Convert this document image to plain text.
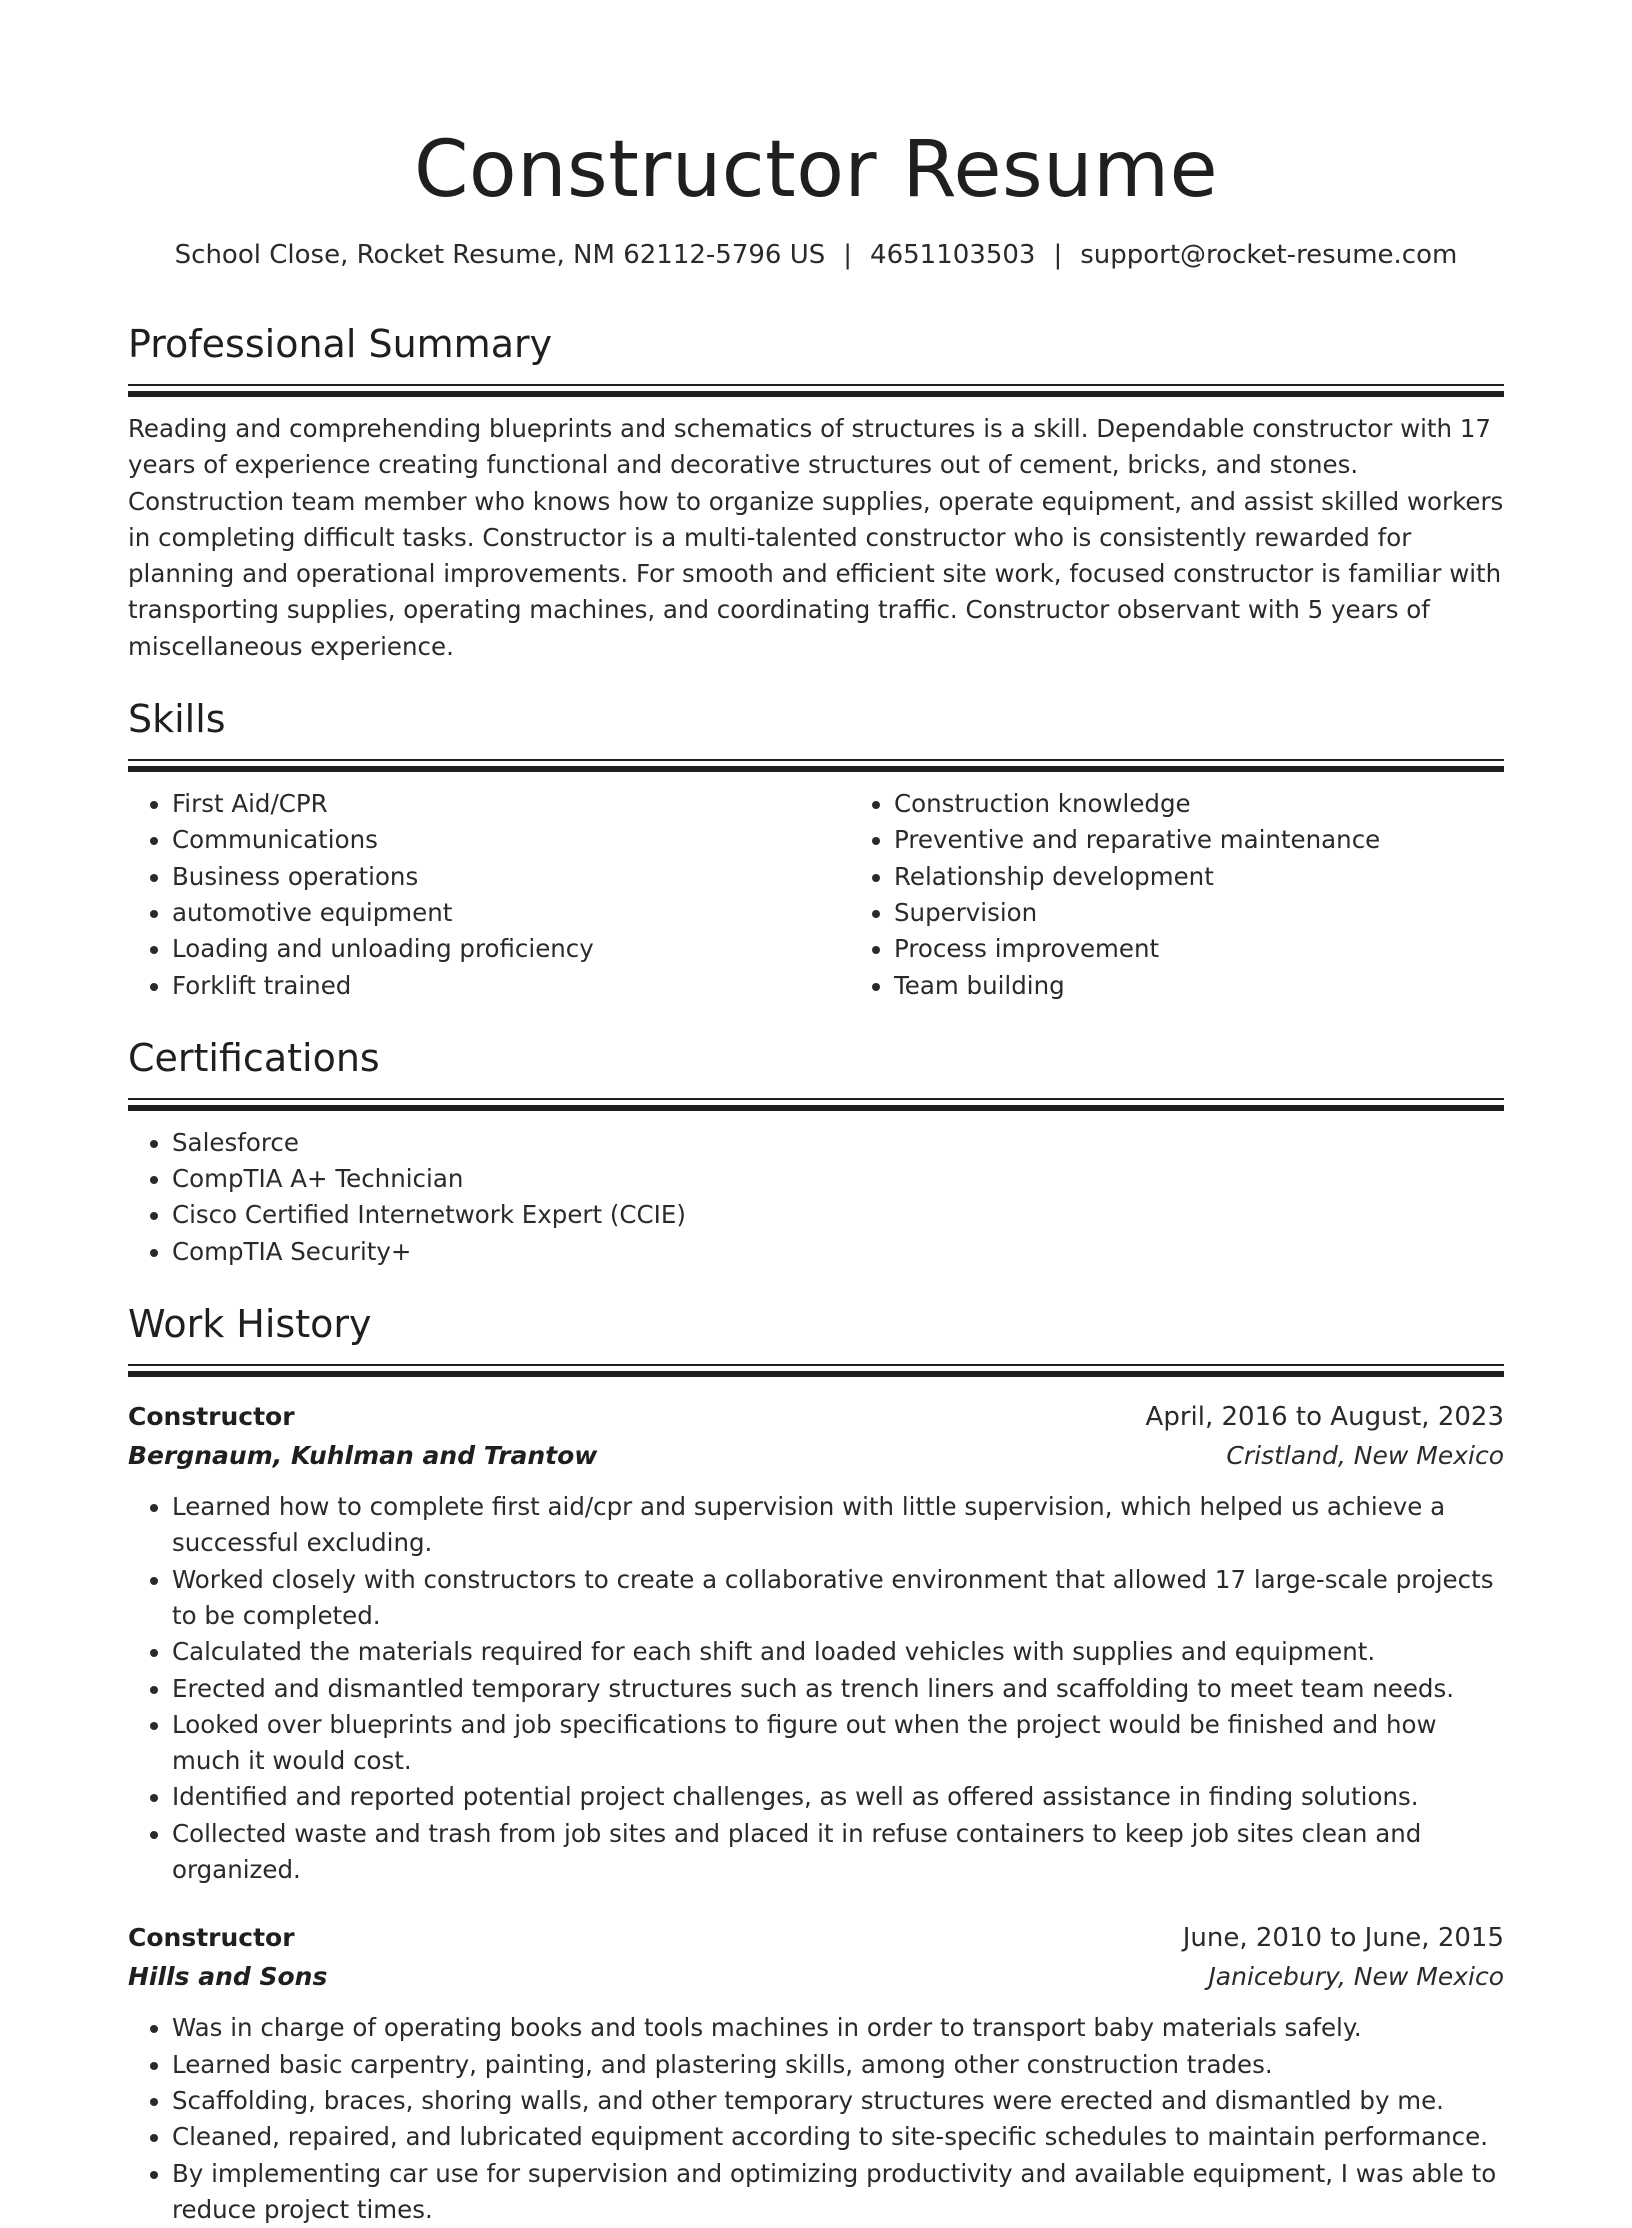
Constructor Resume
School Close, Rocket Resume, NM 62112-5796 US | 4651103503 | support@rocket-resume.com
Professional Summary

Reading and comprehending blueprints and schematics of structures is a skill. Dependable constructor with 17 years of experience creating functional and decorative structures out of cement, bricks, and stones. Construction team member who knows how to organize supplies, operate equipment, and assist skilled workers in completing difficult tasks. Constructor is a multi-talented constructor who is consistently rewarded for planning and operational improvements. For smooth and efficient site work, focused constructor is familiar with transporting supplies, operating machines, and coordinating traffic. Constructor observant with 5 years of miscellaneous experience.

Skills
• First Aid/CPR
• Communications
• Business operations
• automotive equipment
• Loading and unloading proficiency
• Forklift trained
• Construction knowledge
• Preventive and reparative maintenance
• Relationship development
• Supervision
• Process improvement
• Team building
Certifications
• Salesforce
• CompTIA A+ Technician
• Cisco Certified Internetwork Expert (CCIE)
• CompTIA Security+
Work History
Constructor	April, 2016 to August, 2023
Bergnaum, Kuhlman and Trantow	Cristland, New Mexico
• Learned how to complete first aid/cpr and supervision with little supervision, which helped us achieve a successful excluding.
• Worked closely with constructors to create a collaborative environment that allowed 17 large-scale projects to be completed.
• Calculated the materials required for each shift and loaded vehicles with supplies and equipment.
• Erected and dismantled temporary structures such as trench liners and scaffolding to meet team needs.
• Looked over blueprints and job specifications to figure out when the project would be finished and how much it would cost.
• Identified and reported potential project challenges, as well as offered assistance in finding solutions.
• Collected waste and trash from job sites and placed it in refuse containers to keep job sites clean and organized.
Constructor	June, 2010 to June, 2015
Hills and Sons	Janicebury, New Mexico
• Was in charge of operating books and tools machines in order to transport baby materials safely.
• Learned basic carpentry, painting, and plastering skills, among other construction trades.
• Scaffolding, braces, shoring walls, and other temporary structures were erected and dismantled by me.
• Cleaned, repaired, and lubricated equipment according to site-specific schedules to maintain performance.
• By implementing car use for supervision and optimizing productivity and available equipment, I was able to reduce project times.
